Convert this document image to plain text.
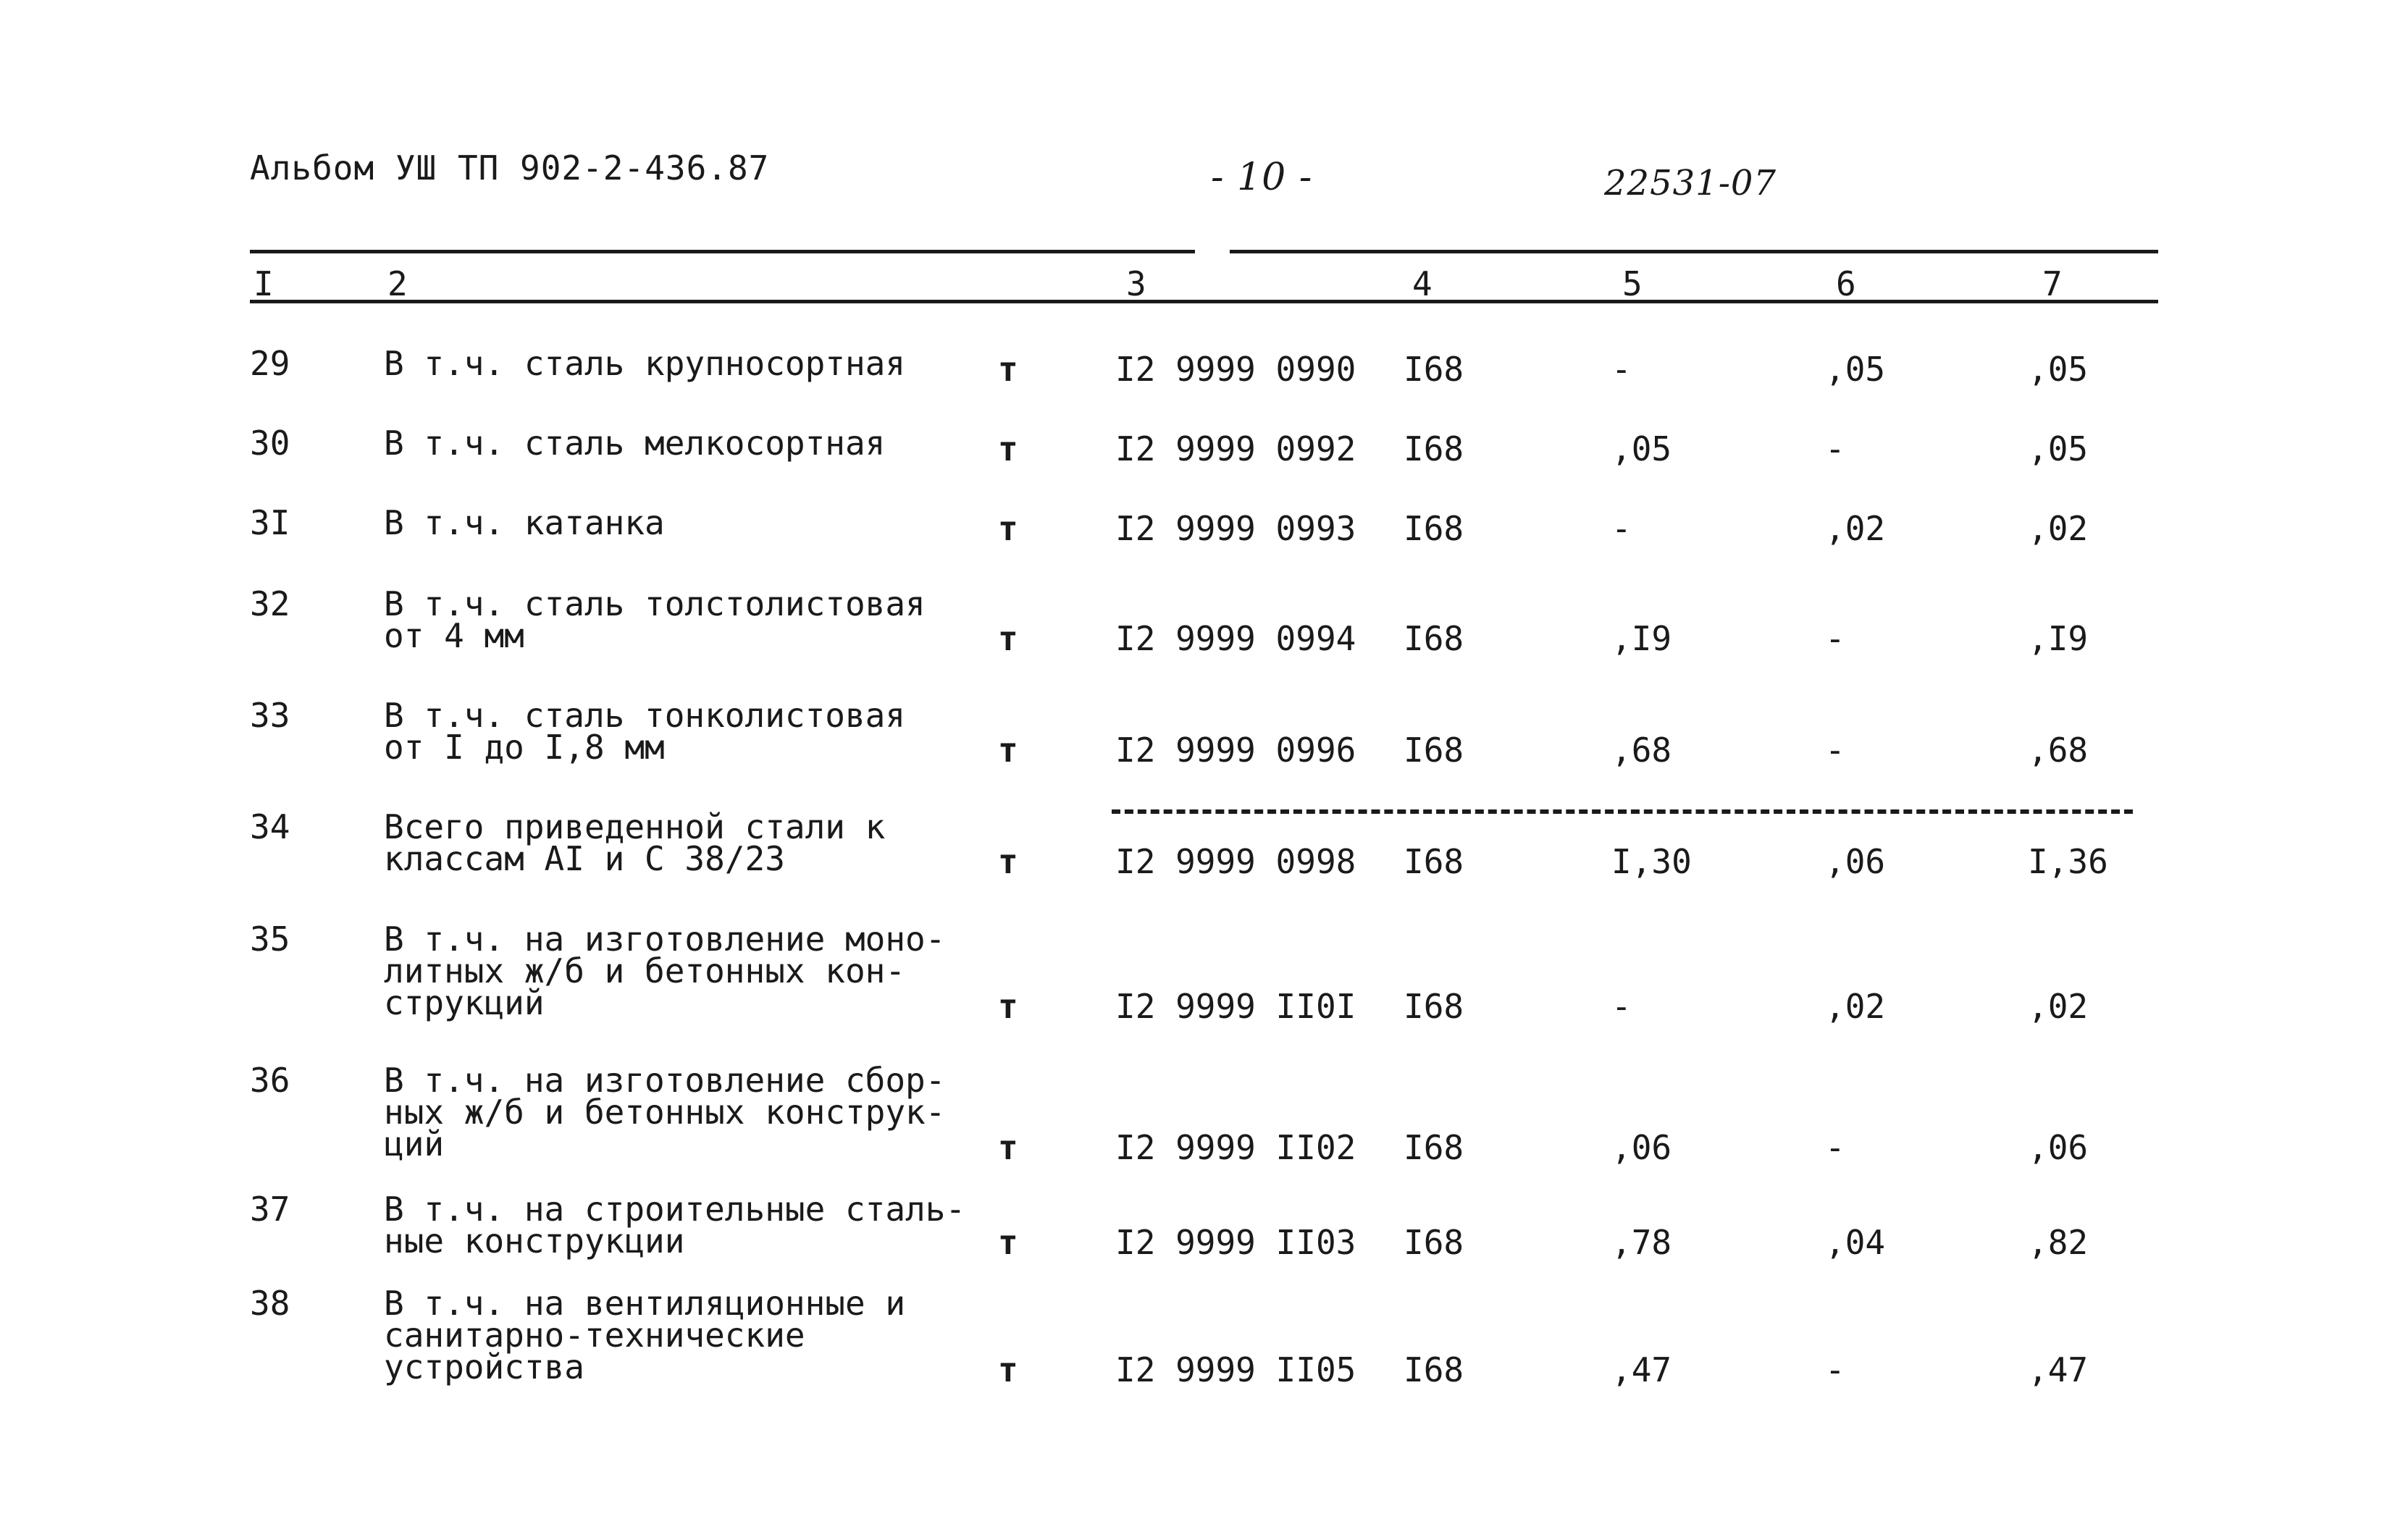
Альбом УШ ТП 902-2-436.87	- 10 -	22531-07
I	2	3	4	5	6	7
29	В т.ч. сталь крупносортная	т	I2 9999 0990 I68	-	,05	,05
30	В т.ч. сталь мелкосортная	т	I2 9999 0992 I68	,05	-	,05
3I	В т.ч. катанка	т	I2 9999 0993 I68	-	,02	,02
32	В т.ч. сталь толстолистовая
от 4 мм	т	I2 9999 0994 I68	,I9	-	,I9
33	В т.ч. сталь тонколистовая
от I до I,8 мм	т	I2 9999 0996 I68	,68	-	,68
34	Всего приведенной стали к
классам AI и С 38/23	т	I2 9999 0998 I68	I,30	,06	I,36
35	В т.ч. на изготовление моно-
литных ж/б и бетонных кон-
струкций	т	I2 9999 II0I I68	-	,02	,02
36	В т.ч. на изготовление сбор-
ных ж/б и бетонных конструк-
ций	т	I2 9999 II02 I68	,06	-	,06
37	В т.ч. на строительные сталь-
ные конструкции	т	I2 9999 II03 I68	,78	,04	,82
38	В т.ч. на вентиляционные и
санитарно-технические
устройства	т	I2 9999 II05 I68	,47	-	,47
